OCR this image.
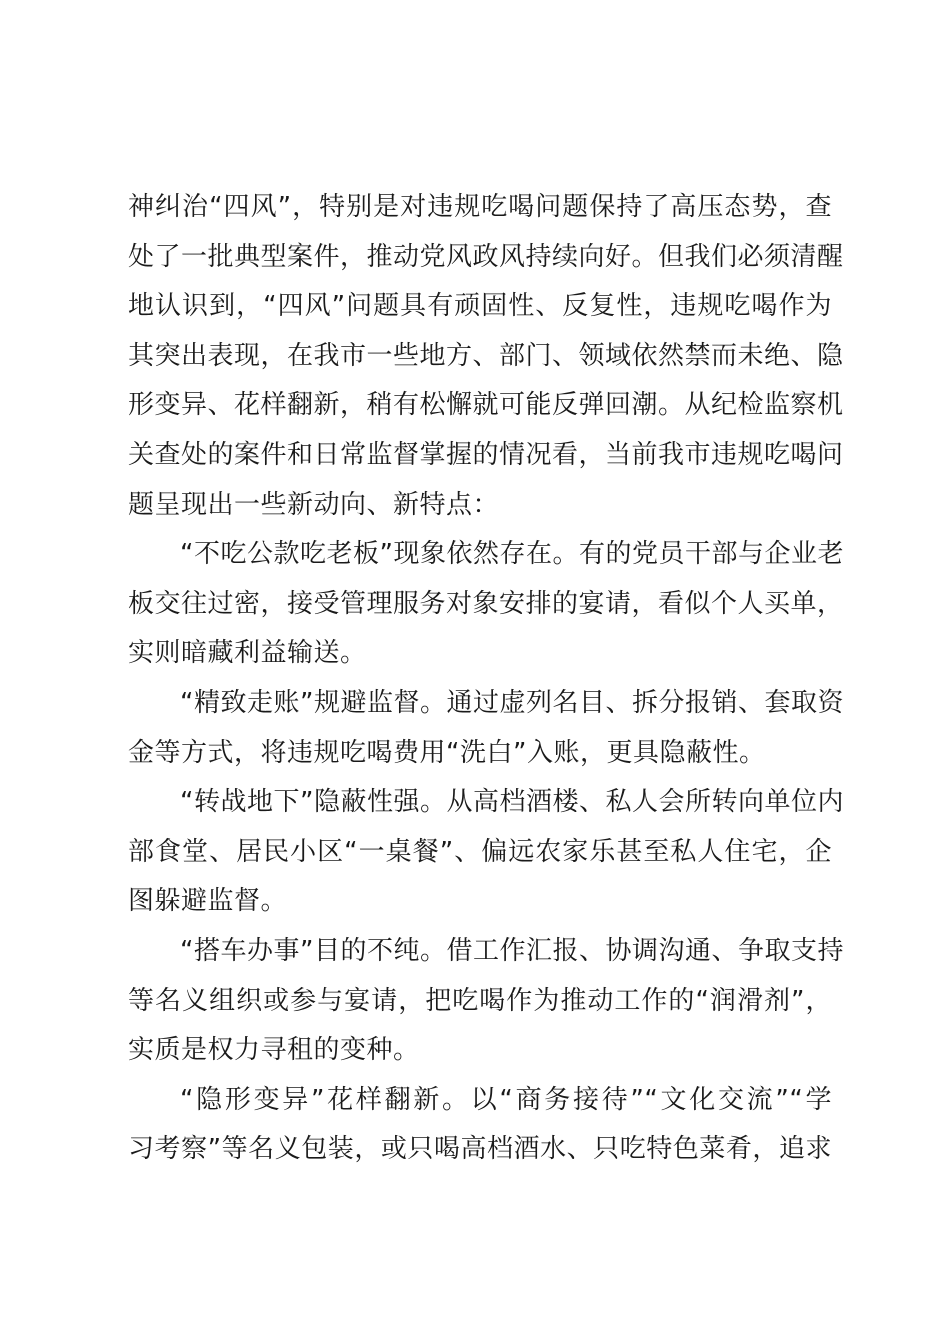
神纠治“四风”，特别是对违规吃喝问题保持了高压态势，查
处了一批典型案件，推动党风政风持续向好。但我们必须清醒
地认识到，“四风”问题具有顽固性、反复性，违规吃喝作为
其突出表现，在我市一些地方、部门、领域依然禁而未绝、隐
形变异、花样翻新，稍有松懈就可能反弹回潮。从纪检监察机
关查处的案件和日常监督掌握的情况看，当前我市违规吃喝问
题呈现出一些新动向、新特点：

“不吃公款吃老板”现象依然存在。有的党员干部与企业老
板交往过密，接受管理服务对象安排的宴请，看似个人买单，
实则暗藏利益输送。

“精致走账”规避监督。通过虚列名目、拆分报销、套取资
金等方式，将违规吃喝费用“洗白”入账，更具隐蔽性。

“转战地下”隐蔽性强。从高档酒楼、私人会所转向单位内
部食堂、居民小区“一桌餐”、偏远农家乐甚至私人住宅，企
图躲避监督。

“搭车办事”目的不纯。借工作汇报、协调沟通、争取支持
等名义组织或参与宴请，把吃喝作为推动工作的“润滑剂”，
实质是权力寻租的变种。

“隐形变异”花样翻新。以“商务接待”“文化交流”“学
习考察”等名义包装，或只喝高档酒水、只吃特色菜肴，追求
